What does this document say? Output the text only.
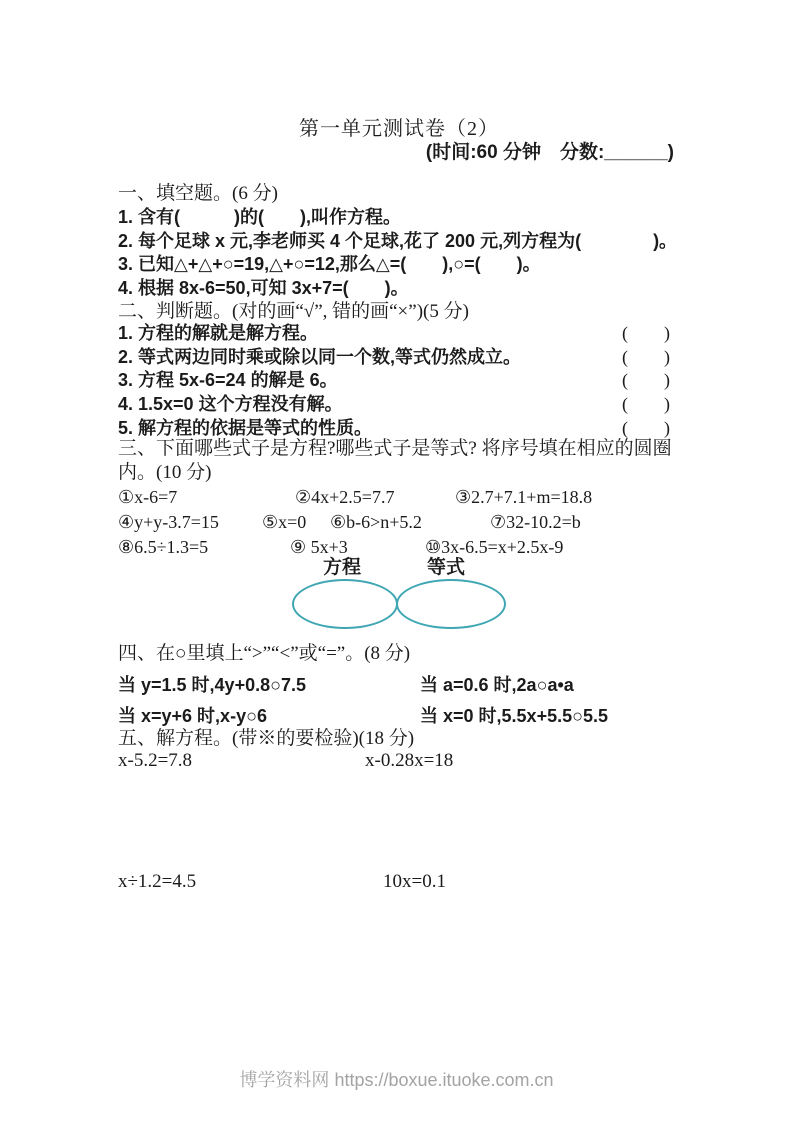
第一单元测试卷（2）
(时间:60 分钟　分数:______)
一、填空题。(6 分)
1. 含有(　　　)的(　　),叫作方程。
2. 每个足球 x 元,李老师买 4 个足球,花了 200 元,列方程为(　　　　)。
3. 已知△+△+○=19,△+○=12,那么△=(　　),○=(　　)。
4. 根据 8x-6=50,可知 3x+7=(　　)。
二、判断题。(对的画“√”, 错的画“×”)(5 分)
1. 方程的解就是解方程。	(　　)
2. 等式两边同时乘或除以同一个数,等式仍然成立。	(　　)
3. 方程 5x-6=24 的解是 6。	(　　)
4. 1.5x=0 这个方程没有解。	(　　)
5. 解方程的依据是等式的性质。	(　　)
三、下面哪些式子是方程?哪些式子是等式? 将序号填在相应的圆圈内。(10 分)
①x-6=7	②4x+2.5=7.7	③2.7+7.1+m=18.8
④y+y-3.7=15 ⑤x=0 ⑥b-6>n+5.2	⑦32-10.2=b
⑧6.5÷1.3=5	⑨ 5x+3	⑩3x-6.5=x+2.5x-9
方程	等式
四、在○里填上“>”“<”或“=”。(8 分)
当 y=1.5 时,4y+0.8○7.5	当 a=0.6 时,2a○a•a
当 x=y+6 时,x-y○6	当 x=0 时,5.5x+5.5○5.5
五、解方程。(带※的要检验)(18 分)
x-5.2=7.8	x-0.28x=18
x÷1.2=4.5	10x=0.1
博学资料网 https://boxue.ituoke.com.cn
